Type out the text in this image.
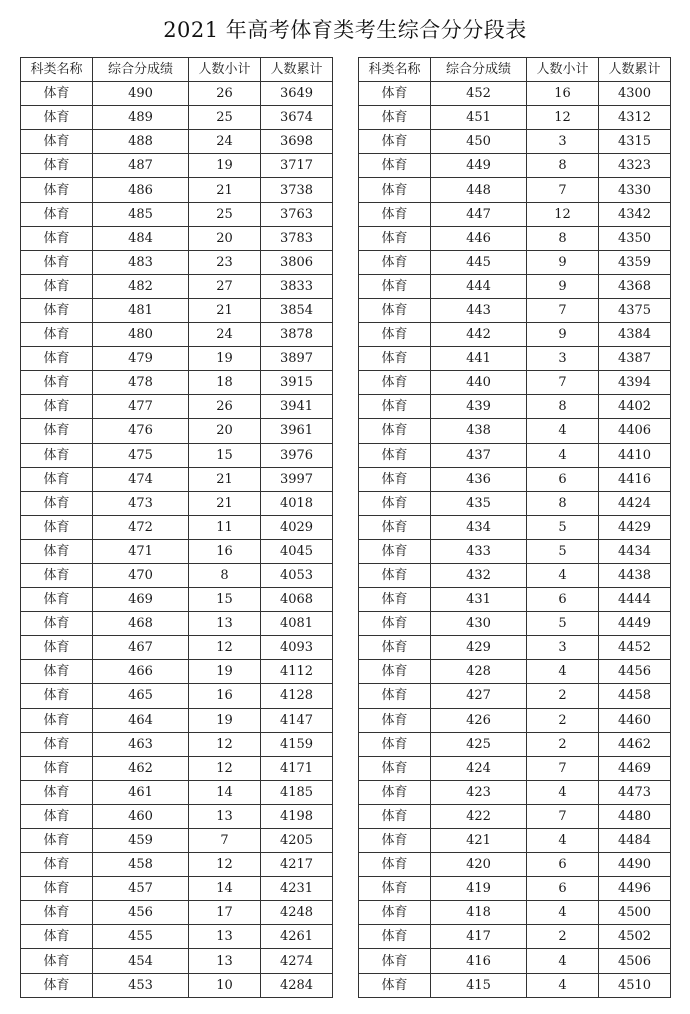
2021 年高考体育类考生综合分分段表
科类名称	综合分成绩	人数小计	人数累计
体育	490	26	3649
体育	489	25	3674
体育	488	24	3698
体育	487	19	3717
体育	486	21	3738
体育	485	25	3763
体育	484	20	3783
体育	483	23	3806
体育	482	27	3833
体育	481	21	3854
体育	480	24	3878
体育	479	19	3897
体育	478	18	3915
体育	477	26	3941
体育	476	20	3961
体育	475	15	3976
体育	474	21	3997
体育	473	21	4018
体育	472	11	4029
体育	471	16	4045
体育	470	8	4053
体育	469	15	4068
体育	468	13	4081
体育	467	12	4093
体育	466	19	4112
体育	465	16	4128
体育	464	19	4147
体育	463	12	4159
体育	462	12	4171
体育	461	14	4185
体育	460	13	4198
体育	459	7	4205
体育	458	12	4217
体育	457	14	4231
体育	456	17	4248
体育	455	13	4261
体育	454	13	4274
体育	453	10	4284
科类名称	综合分成绩	人数小计	人数累计
体育	452	16	4300
体育	451	12	4312
体育	450	3	4315
体育	449	8	4323
体育	448	7	4330
体育	447	12	4342
体育	446	8	4350
体育	445	9	4359
体育	444	9	4368
体育	443	7	4375
体育	442	9	4384
体育	441	3	4387
体育	440	7	4394
体育	439	8	4402
体育	438	4	4406
体育	437	4	4410
体育	436	6	4416
体育	435	8	4424
体育	434	5	4429
体育	433	5	4434
体育	432	4	4438
体育	431	6	4444
体育	430	5	4449
体育	429	3	4452
体育	428	4	4456
体育	427	2	4458
体育	426	2	4460
体育	425	2	4462
体育	424	7	4469
体育	423	4	4473
体育	422	7	4480
体育	421	4	4484
体育	420	6	4490
体育	419	6	4496
体育	418	4	4500
体育	417	2	4502
体育	416	4	4506
体育	415	4	4510
